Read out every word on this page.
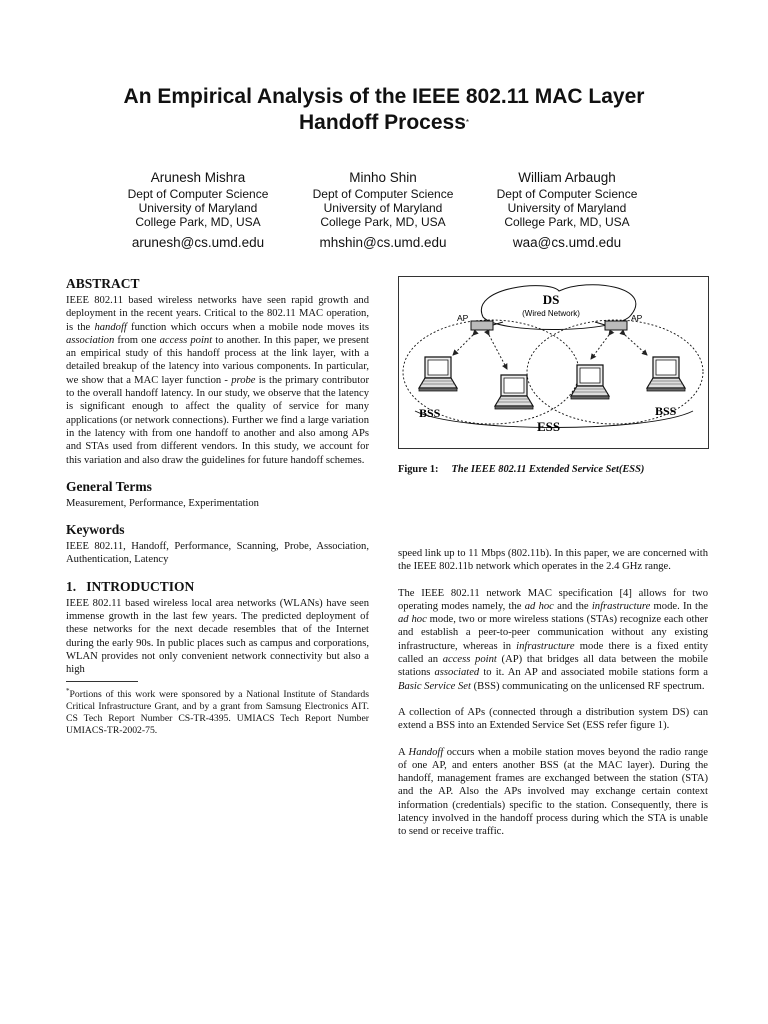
An Empirical Analysis of the IEEE 802.11 MAC Layer
Handoff Process*
Arunesh Mishra
Dept of Computer Science
University of Maryland
College Park, MD, USA
arunesh@cs.umd.edu
Minho Shin
Dept of Computer Science
University of Maryland
College Park, MD, USA
mhshin@cs.umd.edu
William Arbaugh
Dept of Computer Science
University of Maryland
College Park, MD, USA
waa@cs.umd.edu
ABSTRACT

IEEE 802.11 based wireless networks have seen rapid growth and deployment in the recent years. Critical to the 802.11 MAC operation, is the handoff function which occurs when a mobile node moves its association from one access point to another. In this paper, we present an empirical study of this handoff process at the link layer, with a detailed breakup of the latency into various components. In particular, we show that a MAC layer function - probe is the primary contributor to the overall handoff latency. In our study, we observe that the latency is significant enough to affect the quality of service for many applications (or network connections). Further we find a large variation in the latency with from one handoff to another and also among APs and STAs used from different vendors. In this study, we account for this variation and also draw the guidelines for future handoff schemes.

General Terms

Measurement, Performance, Experimentation

Keywords

IEEE 802.11, Handoff, Performance, Scanning, Probe, Association, Authentication, Latency

1.   INTRODUCTION

IEEE 802.11 based wireless local area networks (WLANs) have seen immense growth in the last few years. The predicted deployment of these networks for the next decade resembles that of the Internet during the early 90s. In public places such as campus and corporations, WLAN provides not only convenient network connectivity but also a high

*Portions of this work were sponsored by a National Institute of Standards Critical Infrastructure Grant, and by a grant from Samsung Electronics AIT. CS Tech Report Number CS-TR-4395. UMIACS Tech Report Number UMIACS-TR-2002-75.

DS
(Wired Network)
AP	AP
BSS	BSS
ESS
Figure 1: The IEEE 802.11 Extended Service Set(ESS)

speed link up to 11 Mbps (802.11b). In this paper, we are concerned with the IEEE 802.11b network which operates in the 2.4 GHz range.

The IEEE 802.11 network MAC specification [4] allows for two operating modes namely, the ad hoc and the infrastructure mode. In the ad hoc mode, two or more wireless stations (STAs) recognize each other and establish a peer-to-peer communication without any existing infrastructure, whereas in infrastructure mode there is a fixed entity called an access point (AP) that bridges all data between the mobile stations associated to it. An AP and associated mobile stations form a Basic Service Set (BSS) communicating on the unlicensed RF spectrum.

A collection of APs (connected through a distribution system DS) can extend a BSS into an Extended Service Set (ESS refer figure 1).

A Handoff occurs when a mobile station moves beyond the radio range of one AP, and enters another BSS (at the MAC layer). During the handoff, management frames are exchanged between the station (STA) and the AP. Also the APs involved may exchange certain context information (credentials) specific to the station. Consequently, there is latency involved in the handoff process during which the STA is unable to send or receive traffic.
